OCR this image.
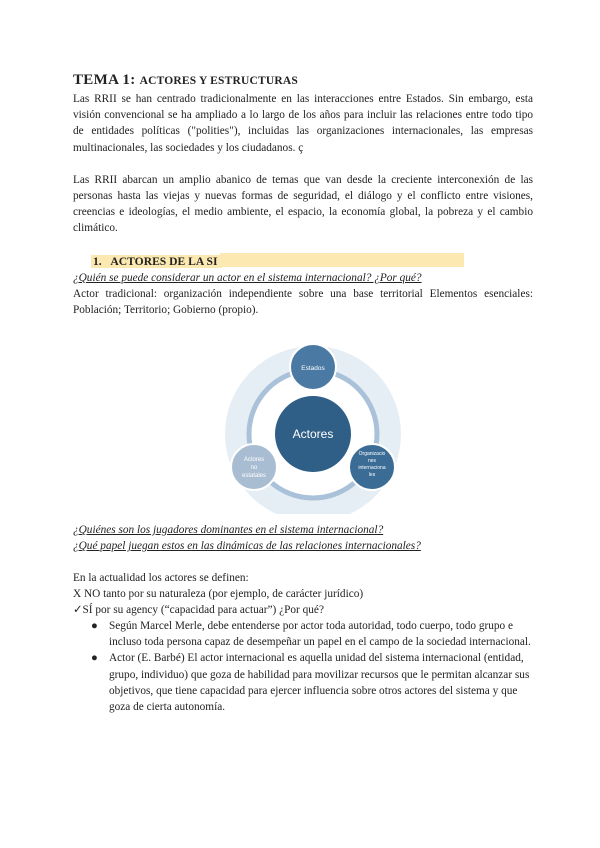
TEMA 1: ACTORES Y ESTRUCTURAS

Las RRII se han centrado tradicionalmente en las interacciones entre Estados. Sin embargo, esta visión convencional se ha ampliado a lo largo de los años para incluir las relaciones entre todo tipo de entidades políticas ("polities"), incluidas las organizaciones internacionales, las empresas multinacionales, las sociedades y los ciudadanos. ç

Las RRII abarcan un amplio abanico de temas que van desde la creciente interconexión de las personas hasta las viejas y nuevas formas de seguridad, el diálogo y el conflicto entre visiones, creencias e ideologías, el medio ambiente, el espacio, la economía global, la pobreza y el cambio climático.

1. ACTORES DE LA SI
¿Quién se puede considerar un actor en el sistema internacional? ¿Por qué?

Actor tradicional: organización independiente sobre una base territorial Elementos esenciales: Población; Territorio; Gobierno (propio).

Actores
Estados
Organizacio
nes
internaciona
les
Actores
no
estatales
¿Quiénes son los jugadores dominantes en el sistema internacional?
¿Qué papel juegan estos en las dinámicas de las relaciones internacionales?
En la actualidad los actores se definen:
X NO tanto por su naturaleza (por ejemplo, de carácter jurídico)
✓SÍ por su agency (“capacidad para actuar”) ¿Por qué?
● Según Marcel Merle, debe entenderse por actor toda autoridad, todo cuerpo, todo grupo e incluso toda persona capaz de desempeñar un papel en el campo de la sociedad internacional.
● Actor (E. Barbé) El actor internacional es aquella unidad del sistema internacional (entidad, grupo, individuo) que goza de habilidad para movilizar recursos que le permitan alcanzar sus objetivos, que tiene capacidad para ejercer influencia sobre otros actores del sistema y que goza de cierta autonomía.
